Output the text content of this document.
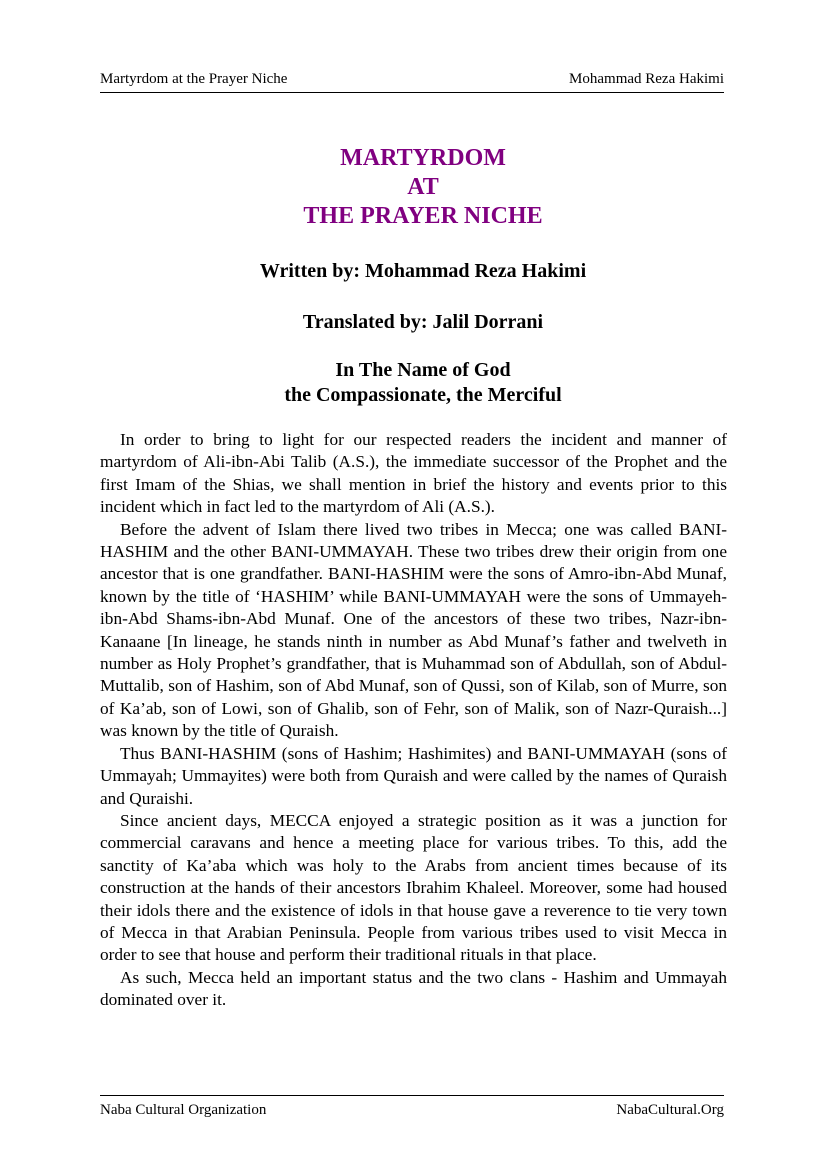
Martyrdom at the Prayer Niche	Mohammad Reza Hakimi
MARTYRDOM
AT
THE PRAYER NICHE
Written by: Mohammad Reza Hakimi
Translated by: Jalil Dorrani
In The Name of God
the Compassionate, the Merciful

In order to bring to light for our respected readers the incident and manner of martyrdom of Ali-ibn-Abi Talib (A.S.), the immediate successor of the Prophet and the first Imam of the Shias, we shall mention in brief the history and events prior to this incident which in fact led to the martyrdom of Ali (A.S.).

Before the advent of Islam there lived two tribes in Mecca; one was called BANI-HASHIM and the other BANI-UMMAYAH. These two tribes drew their origin from one ancestor that is one grandfather. BANI-HASHIM were the sons of Amro-ibn-Abd Munaf, known by the title of ‘HASHIM’ while BANI-UMMAYAH were the sons of Ummayeh-ibn-Abd Shams-ibn-Abd Munaf. One of the ancestors of these two tribes, Nazr-ibn-Kanaane [In lineage, he stands ninth in number as Abd Munaf’s father and twelveth in number as Holy Prophet’s grandfather, that is Muhammad son of Abdullah, son of Abdul-Muttalib, son of Hashim, son of Abd Munaf, son of Qussi, son of Kilab, son of Murre, son of Ka’ab, son of Lowi, son of Ghalib, son of Fehr, son of Malik, son of Nazr-Quraish...] was known by the title of Quraish.

Thus BANI-HASHIM (sons of Hashim; Hashimites) and BANI-UMMAYAH (sons of Ummayah; Ummayites) were both from Quraish and were called by the names of Quraish and Quraishi.

Since ancient days, MECCA enjoyed a strategic position as it was a junction for commercial caravans and hence a meeting place for various tribes. To this, add the sanctity of Ka’aba which was holy to the Arabs from ancient times because of its construction at the hands of their ancestors Ibrahim Khaleel. Moreover, some had housed their idols there and the existence of idols in that house gave a reverence to tie very town of Mecca in that Arabian Peninsula. People from various tribes used to visit Mecca in order to see that house and perform their traditional rituals in that place.

As such, Mecca held an important status and the two clans - Hashim and Ummayah dominated over it.

Naba Cultural Organization	NabaCultural.Org
